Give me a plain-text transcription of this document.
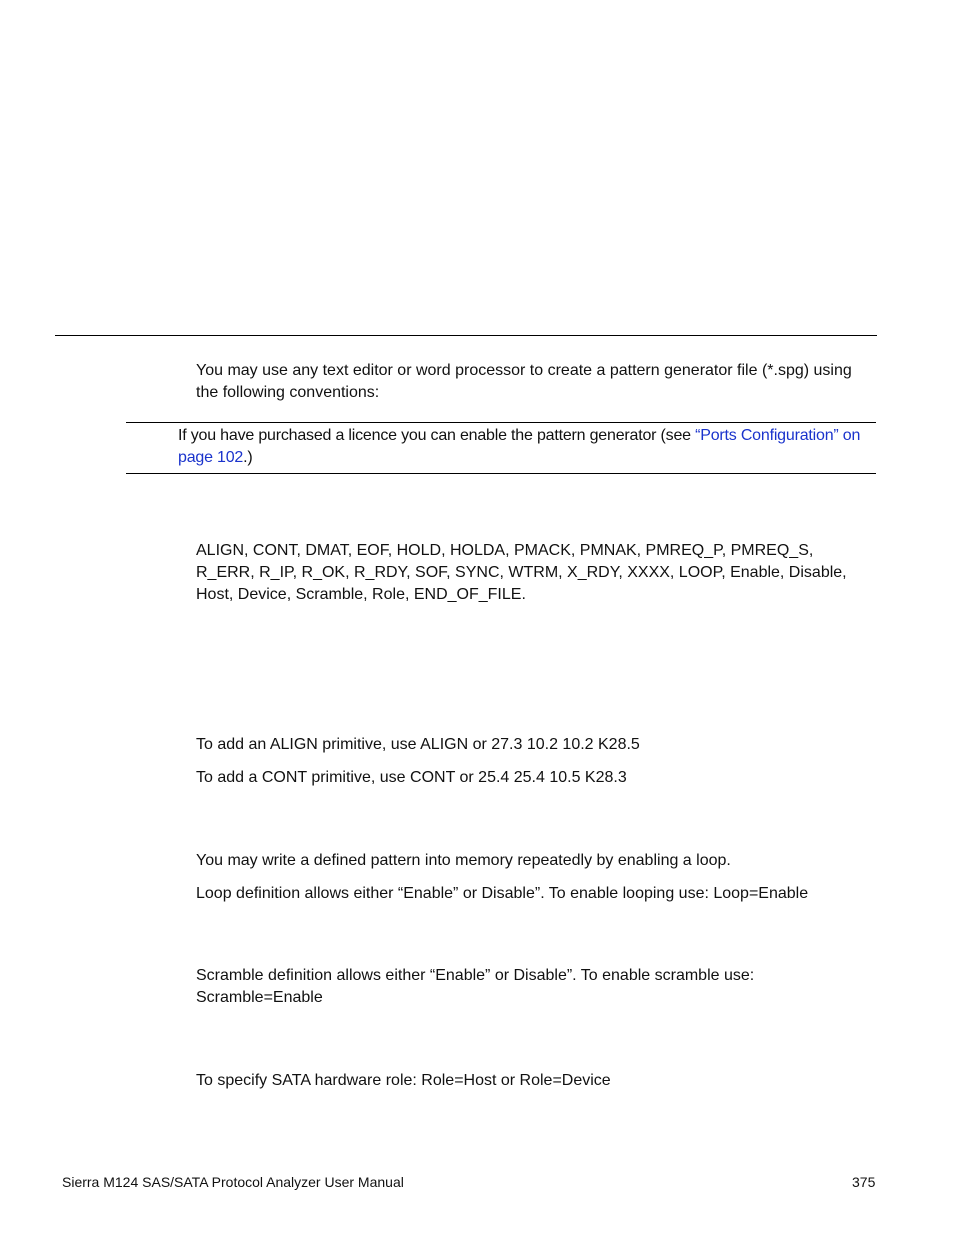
You may use any text editor or word processor to create a pattern generator file (*.spg) using the following conventions:

If you have purchased a licence you can enable the pattern generator (see “Ports Configuration” on page 102.)

ALIGN, CONT, DMAT, EOF, HOLD, HOLDA, PMACK, PMNAK, PMREQ_P, PMREQ_S, R_ERR, R_IP, R_OK, R_RDY, SOF, SYNC, WTRM, X_RDY, XXXX, LOOP, Enable, Disable, Host, Device, Scramble, Role, END_OF_FILE.

To add an ALIGN primitive, use ALIGN or 27.3 10.2 10.2 K28.5

To add a CONT primitive, use CONT or 25.4 25.4 10.5 K28.3

You may write a defined pattern into memory repeatedly by enabling a loop.

Loop definition allows either “Enable” or Disable”. To enable looping use: Loop=Enable

Scramble definition allows either “Enable” or Disable”. To enable scramble use: Scramble=Enable

To specify SATA hardware role: Role=Host or Role=Device

Sierra M124 SAS/SATA Protocol Analyzer User Manual	375
